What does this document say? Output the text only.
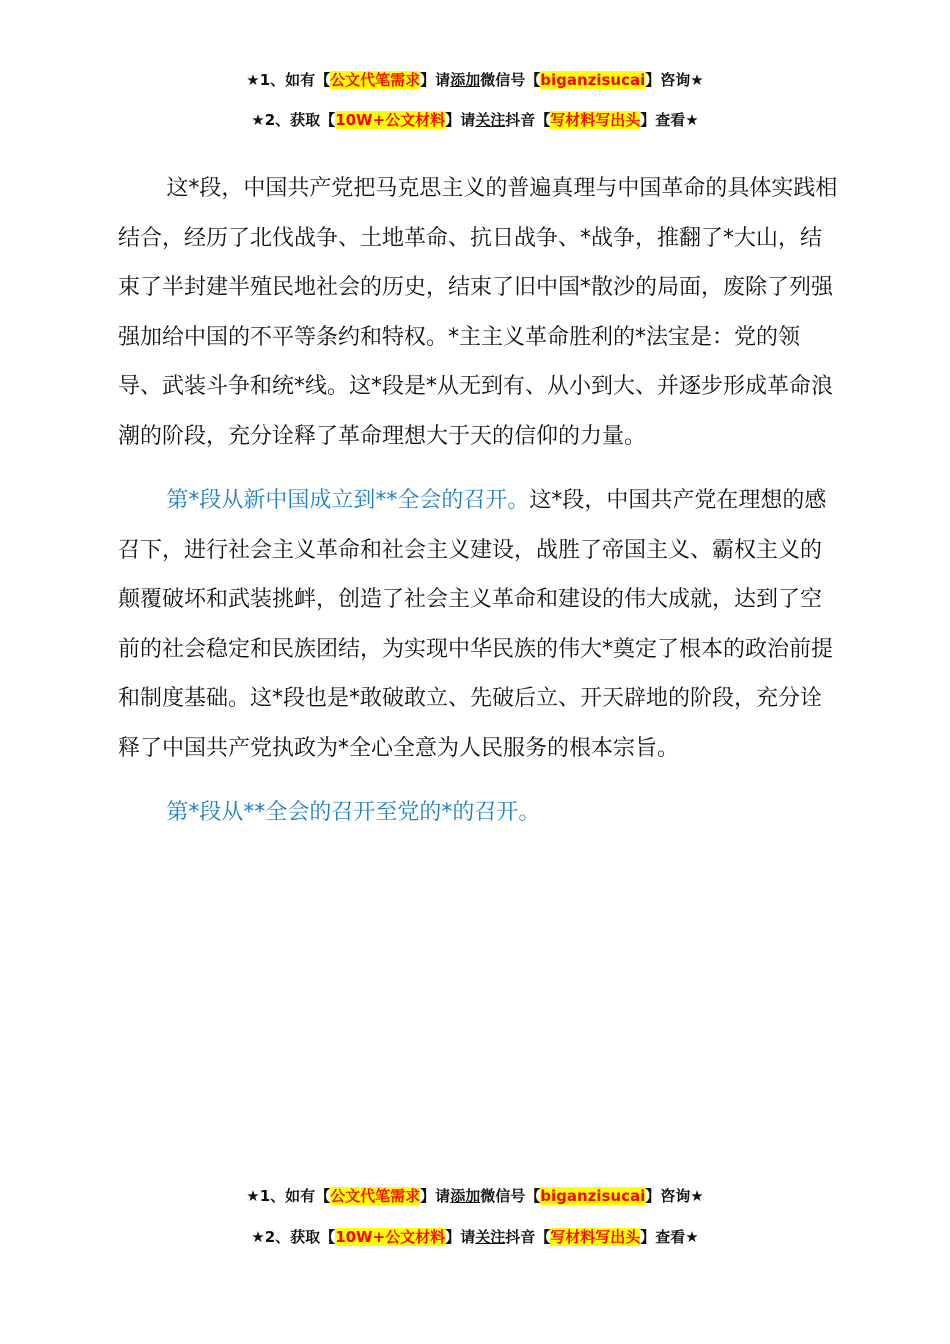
★1、如有【公文代笔需求】请添加微信号【biganzisucai】咨询★
★2、获取【10W+公文材料】请关注抖音【写材料写出头】查看★

这*段，中国共产党把马克思主义的普遍真理与中国革命的具体实践相结合，经历了北伐战争、土地革命、抗日战争、*战争，推翻了*大山，结束了半封建半殖民地社会的历史，结束了旧中国*散沙的局面，废除了列强强加给中国的不平等条约和特权。*主主义革命胜利的*法宝是：党的领导、武装斗争和统*线。这*段是*从无到有、从小到大、并逐步形成革命浪潮的阶段，充分诠释了革命理想大于天的信仰的力量。

第*段从新中国成立到**全会的召开。这*段，中国共产党在理想的感召下，进行社会主义革命和社会主义建设，战胜了帝国主义、霸权主义的颠覆破坏和武装挑衅，创造了社会主义革命和建设的伟大成就，达到了空前的社会稳定和民族团结，为实现中华民族的伟大*奠定了根本的政治前提和制度基础。这*段也是*敢破敢立、先破后立、开天辟地的阶段，充分诠释了中国共产党执政为*全心全意为人民服务的根本宗旨。

第*段从**全会的召开至党的*的召开。

★1、如有【公文代笔需求】请添加微信号【biganzisucai】咨询★
★2、获取【10W+公文材料】请关注抖音【写材料写出头】查看★
